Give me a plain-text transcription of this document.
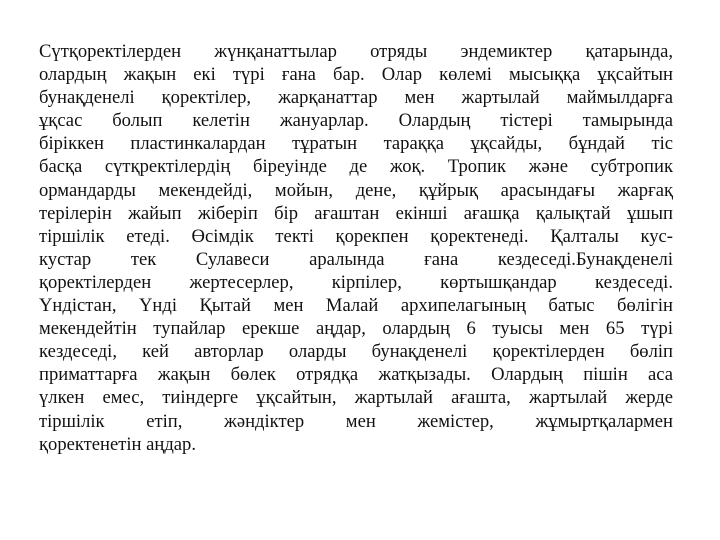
Сүтқоректілерден жүнқанаттылар отряды эндемиктер қатарында,
олардың жақын екі түрі ғана бар. Олар көлемі мысыққа ұқсайтын
бунақденелі қоректілер, жарқанаттар мен жартылай маймылдарға
ұқсас болып келетін жануарлар. Олардың тістері тамырында
біріккен пластинкалардан тұратын тараққа ұқсайды, бұндай тіс
басқа сүтқректілердің біреуінде де жоқ. Тропик және субтропик
ормандарды мекендейді, мойын, дене, құйрық арасындағы жарғақ
терілерін жайып жіберіп бір ағаштан екінші ағашқа қалықтай ұшып
тіршілік етеді. Өсімдік текті қорекпен қоректенеді. Қалталы кус-
кустар тек Сулавеси аралында ғана кездеседі.Бунақденелі
қоректілерден жертесерлер, кірпілер, көртышқандар кездеседі.
Үндістан, Үнді Қытай мен Малай архипелагының батыс бөлігін
мекендейтін тупайлар ерекше аңдар, олардың 6 туысы мен 65 түрі
кездеседі, кей авторлар оларды бунақденелі қоректілерден бөліп
приматтарға жақын бөлек отрядқа жатқызады. Олардың пішін аса
үлкен емес, тиіндерге ұқсайтын, жартылай ағашта, жартылай жерде
тіршілік етіп, жәндіктер мен жемістер, жұмыртқалармен
қоректенетін аңдар.
